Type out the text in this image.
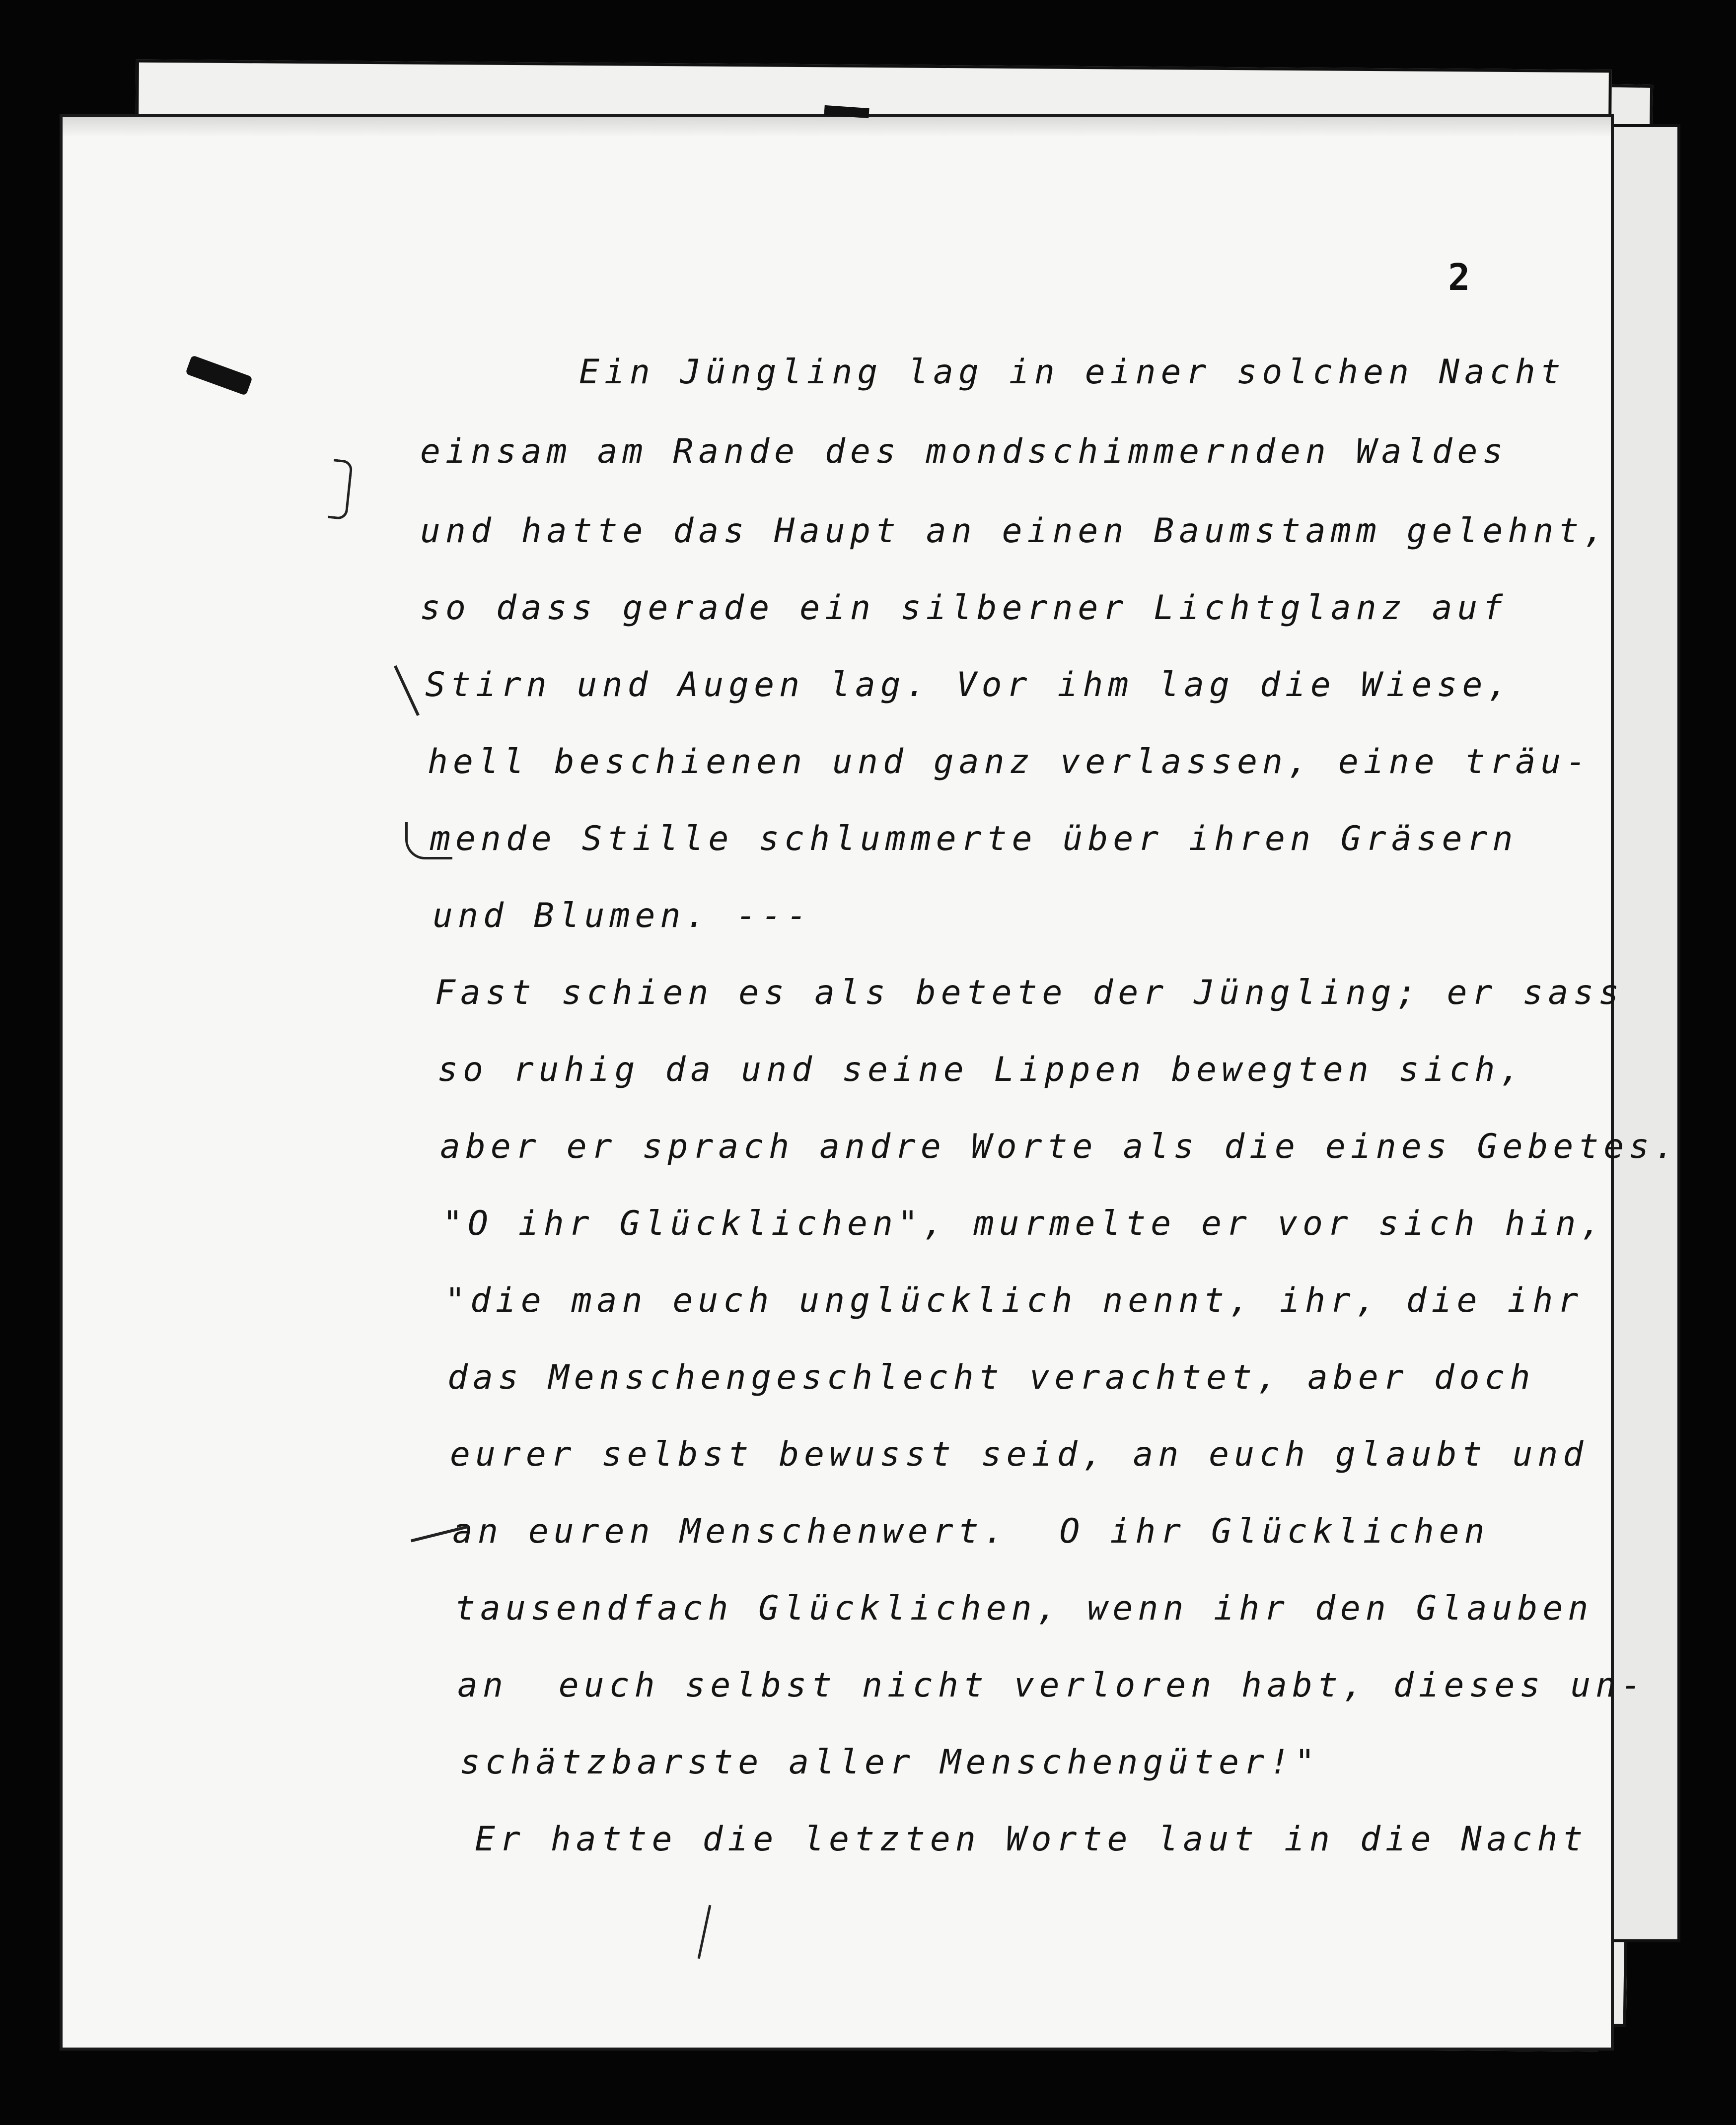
2
Ein Jüngling lag in einer solchen Nacht
einsam am Rande des mondschimmernden Waldes
und hatte das Haupt an einen Baumstamm gelehnt,
so dass gerade ein silberner Lichtglanz auf
Stirn und Augen lag. Vor ihm lag die Wiese,
hell beschienen und ganz verlassen, eine träu-
mende Stille schlummerte über ihren Gräsern
und Blumen. ---
Fast schien es als betete der Jüngling; er sass
so ruhig da und seine Lippen bewegten sich,
aber er sprach andre Worte als die eines Gebetes.
"O ihr Glücklichen", murmelte er vor sich hin,
"die man euch unglücklich nennt, ihr, die ihr
das Menschengeschlecht verachtet, aber doch
eurer selbst bewusst seid, an euch glaubt und
an euren Menschenwert.  O ihr Glücklichen
tausendfach Glücklichen, wenn ihr den Glauben
an  euch selbst nicht verloren habt, dieses un-
schätzbarste aller Menschengüter!"
Er hatte die letzten Worte laut in die Nacht
